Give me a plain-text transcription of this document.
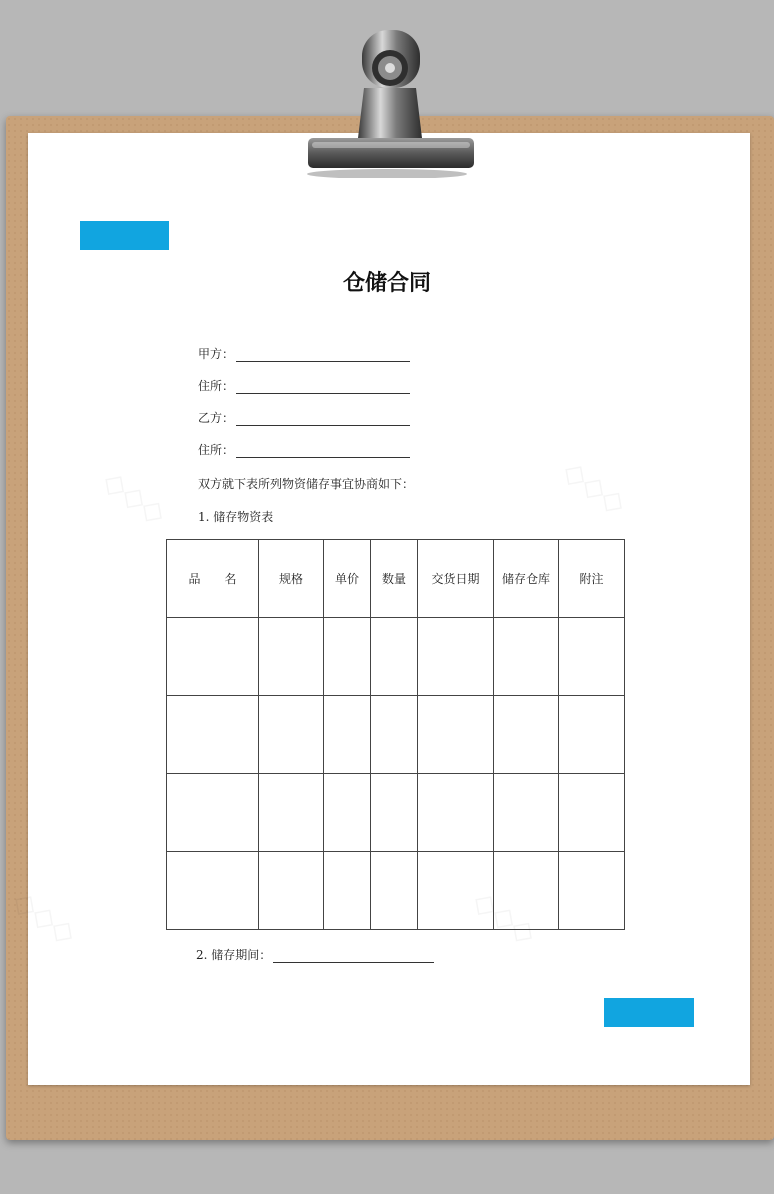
仓储合同
甲方：
住所：
乙方：
住所：
双方就下表所列物资储存事宜协商如下：
1. 储存物资表
品　　名	规格	单价	数量	交货日期	储存仓库	附注

2. 储存期间：
